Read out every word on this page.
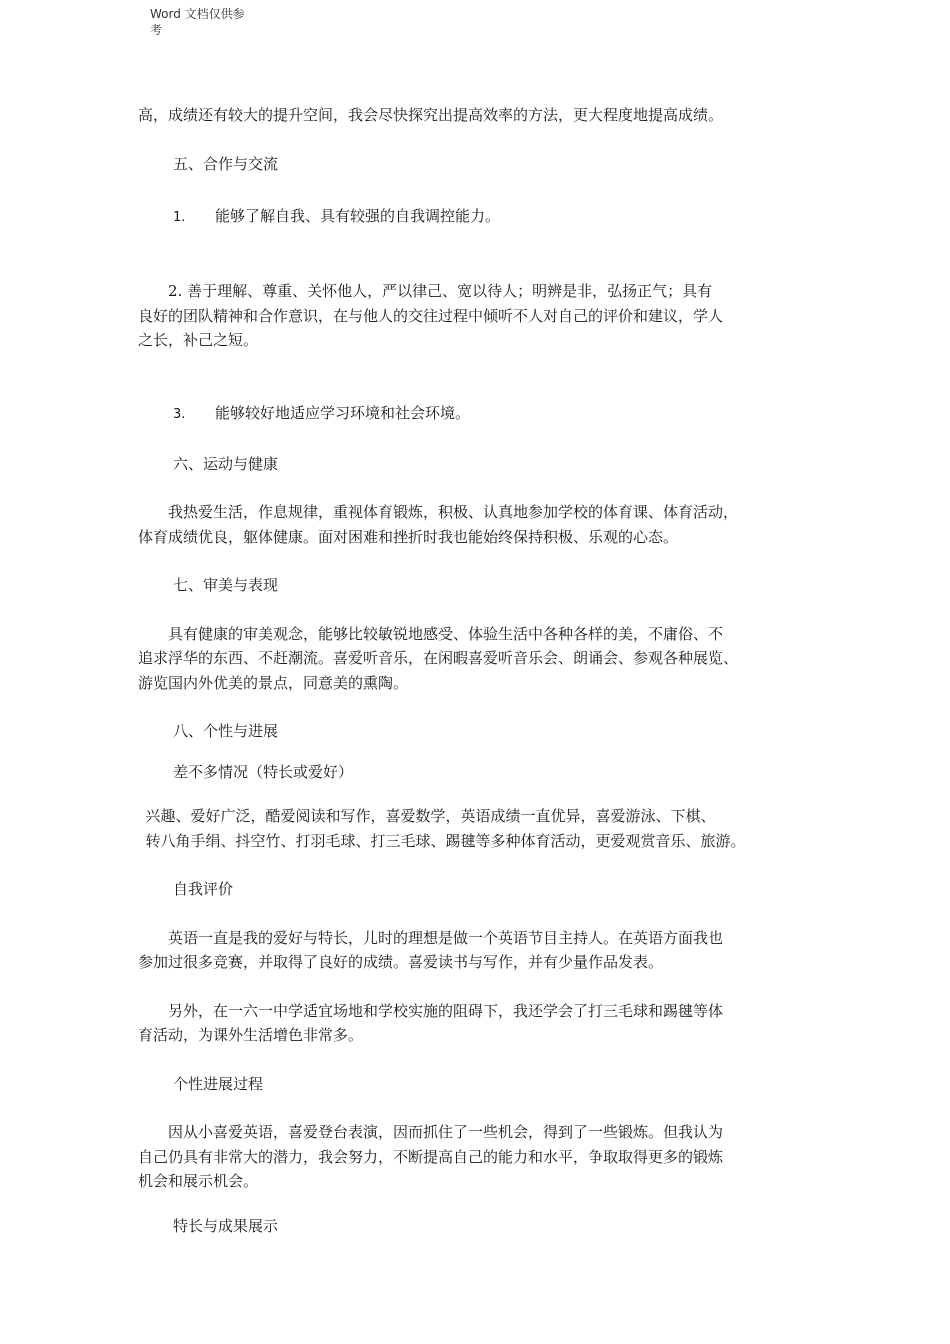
Word 文档仅供参
考

高，成绩还有较大的提升空间，我会尽快探究出提高效率的方法，更大程度地提高成绩。

五、合作与交流

1. 能够了解自我、具有较强的自我调控能力。

  2. 善于理解、尊重、关怀他人，严以律己、宽以待人；明辨是非，弘扬正气；具有
良好的团队精神和合作意识，在与他人的交往过程中倾听不人对自己的评价和建议，学人
之长，补己之短。

3. 能够较好地适应学习环境和社会环境。

六、运动与健康

　　我热爱生活，作息规律，重视体育锻炼，积极、认真地参加学校的体育课、体育活动，
体育成绩优良，躯体健康。面对困难和挫折时我也能始终保持积极、乐观的心态。

七、审美与表现

　　具有健康的审美观念，能够比较敏锐地感受、体验生活中各种各样的美，不庸俗、不
追求浮华的东西、不赶潮流。喜爱听音乐，在闲暇喜爱听音乐会、朗诵会、参观各种展览、
游览国内外优美的景点，同意美的熏陶。

八、个性与进展

差不多情况（特长或爱好）

 兴趣、爱好广泛，酷爱阅读和写作，喜爱数学，英语成绩一直优异，喜爱游泳、下棋、
 转八角手绢、抖空竹、打羽毛球、打三毛球、踢毽等多种体育活动，更爱观赏音乐、旅游。

自我评价

　　英语一直是我的爱好与特长，儿时的理想是做一个英语节目主持人。在英语方面我也
参加过很多竞赛，并取得了良好的成绩。喜爱读书与写作，并有少量作品发表。

　　另外，在一六一中学适宜场地和学校实施的阻碍下，我还学会了打三毛球和踢毽等体
育活动，为课外生活增色非常多。

个性进展过程

　　因从小喜爱英语，喜爱登台表演，因而抓住了一些机会，得到了一些锻炼。但我认为
自己仍具有非常大的潜力，我会努力，不断提高自己的能力和水平，争取取得更多的锻炼
机会和展示机会。

特长与成果展示
